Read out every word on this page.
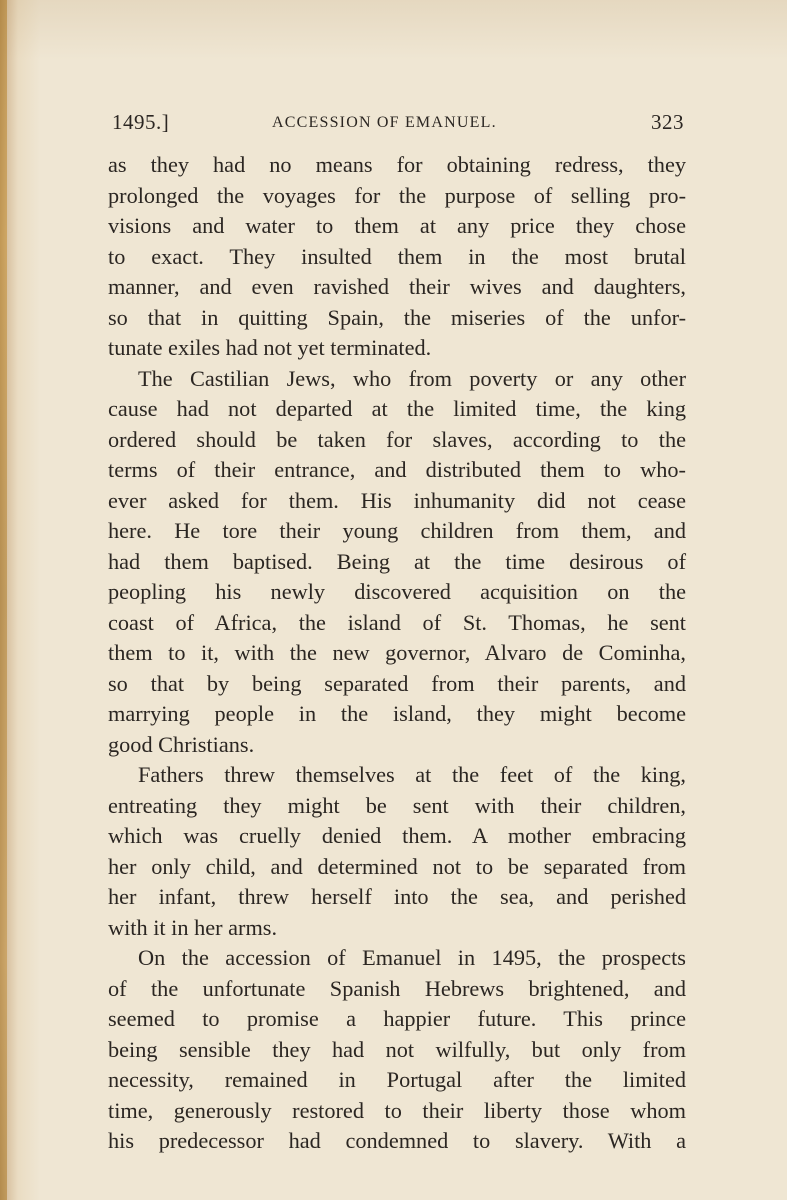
1495.]	ACCESSION OF EMANUEL.	323
as they had no means for obtaining redress, they
prolonged the voyages for the purpose of selling pro-
visions and water to them at any price they chose
to exact. They insulted them in the most brutal
manner, and even ravished their wives and daughters,
so that in quitting Spain, the miseries of the unfor-
tunate exiles had not yet terminated.
The Castilian Jews, who from poverty or any other
cause had not departed at the limited time, the king
ordered should be taken for slaves, according to the
terms of their entrance, and distributed them to who-
ever asked for them. His inhumanity did not cease
here. He tore their young children from them, and
had them baptised. Being at the time desirous of
peopling his newly discovered acquisition on the
coast of Africa, the island of St. Thomas, he sent
them to it, with the new governor, Alvaro de Cominha,
so that by being separated from their parents, and
marrying people in the island, they might become
good Christians.
Fathers threw themselves at the feet of the king,
entreating they might be sent with their children,
which was cruelly denied them. A mother embracing
her only child, and determined not to be separated from
her infant, threw herself into the sea, and perished
with it in her arms.
On the accession of Emanuel in 1495, the prospects
of the unfortunate Spanish Hebrews brightened, and
seemed to promise a happier future. This prince
being sensible they had not wilfully, but only from
necessity, remained in Portugal after the limited
time, generously restored to their liberty those whom
his predecessor had condemned to slavery. With a
